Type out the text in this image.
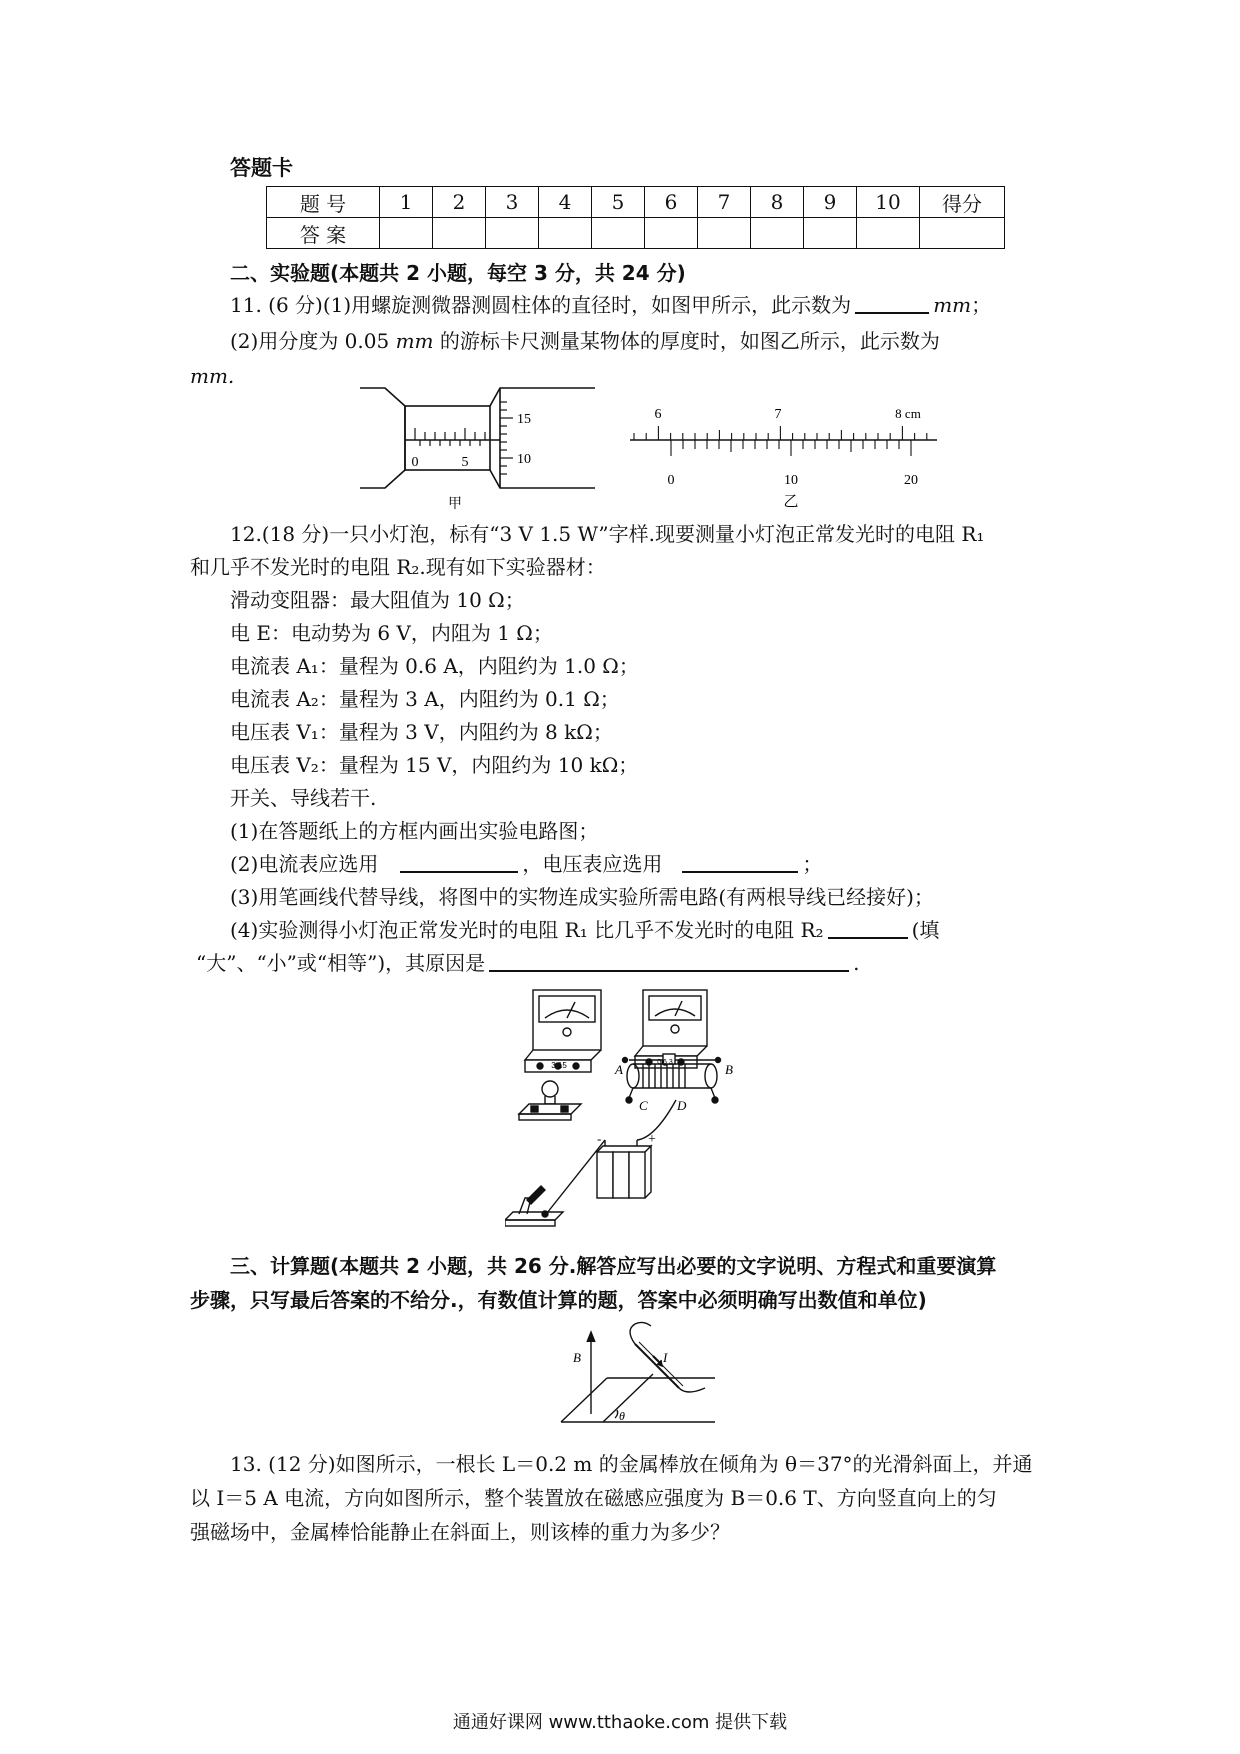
答题卡
题 号	1	2	3	4	5	6	7	8	9	10	得分
答 案											
二、实验题(本题共 2 小题，每空 3 分，共 24 分)
11. (6 分)(1)用螺旋测微器测圆柱体的直径时，如图甲所示，此示数为	mm；
(2)用分度为 0.05 mm 的游标卡尺测量某物体的厚度时，如图乙所示，此示数为
mm.
0	5
15
10
甲
6	7	8 cm
0	10	20
乙
12.(18 分)一只小灯泡，标有“3 V 1.5 W”字样.现要测量小灯泡正常发光时的电阻 R₁
和几乎不发光时的电阻 R₂.现有如下实验器材：
滑动变阻器：最大阻值为 10 Ω；
电 E：电动势为 6 V，内阻为 1 Ω；
电流表 A₁：量程为 0.6 A，内阻约为 1.0 Ω；
电流表 A₂：量程为 3 A，内阻约为 0.1 Ω；
电压表 V₁：量程为 3 V，内阻约为 8 kΩ；
电压表 V₂：量程为 15 V，内阻约为 10 kΩ；
开关、导线若干.
(1)在答题纸上的方框内画出实验电路图；
(2)电流表应选用	，电压表应选用	；
(3)用笔画线代替导线，将图中的实物连成实验所需电路(有两根导线已经接好)；
(4)实验测得小灯泡正常发光时的电阻 R₁ 比几乎不发光时的电阻 R₂	(填
“大”、“小”或“相等”)，其原因是	.
3 15	0.6 3
A	B
C D
-	+
三、计算题(本题共 2 小题，共 26 分.解答应写出必要的文字说明、方程式和重要演算
步骤，只写最后答案的不给分.，有数值计算的题，答案中必须明确写出数值和单位)
B	I
θ
13. (12 分)如图所示，一根长 L＝0.2 m 的金属棒放在倾角为 θ＝37°的光滑斜面上，并通
以 I＝5 A 电流，方向如图所示，整个装置放在磁感应强度为 B＝0.6 T、方向竖直向上的匀
强磁场中，金属棒恰能静止在斜面上，则该棒的重力为多少？
通通好课网 www.tthaoke.com 提供下载
